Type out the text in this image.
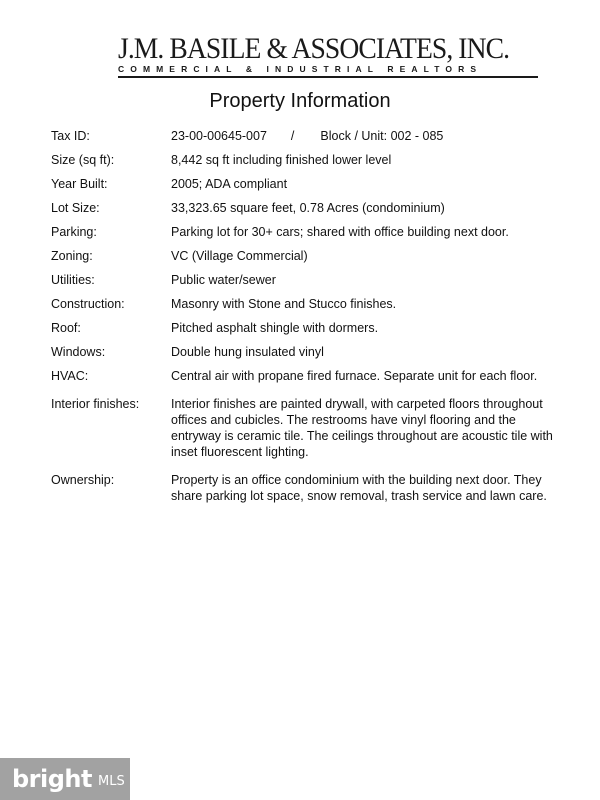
J.M. BASILE & ASSOCIATES, INC.
COMMERCIAL & INDUSTRIAL REALTORS
Property Information
Tax ID:	23-00-00645-007 / Block / Unit: 002 - 085
Size (sq ft):	8,442 sq ft including finished lower level
Year Built:	2005; ADA compliant
Lot Size:	33,323.65 square feet, 0.78 Acres (condominium)
Parking:	Parking lot for 30+ cars; shared with office building next door.
Zoning:	VC (Village Commercial)
Utilities:	Public water/sewer
Construction:	Masonry with Stone and Stucco finishes.
Roof:	Pitched asphalt shingle with dormers.
Windows:	Double hung insulated vinyl
HVAC:	Central air with propane fired furnace. Separate unit for each floor.
Interior finishes:	Interior finishes are painted drywall, with carpeted floors throughout offices and cubicles. The restrooms have vinyl flooring and the entryway is ceramic tile. The ceilings throughout are acoustic tile with inset fluorescent lighting.
Ownership:	Property is an office condominium with the building next door. They share parking lot space, snow removal, trash service and lawn care.
bright MLS
